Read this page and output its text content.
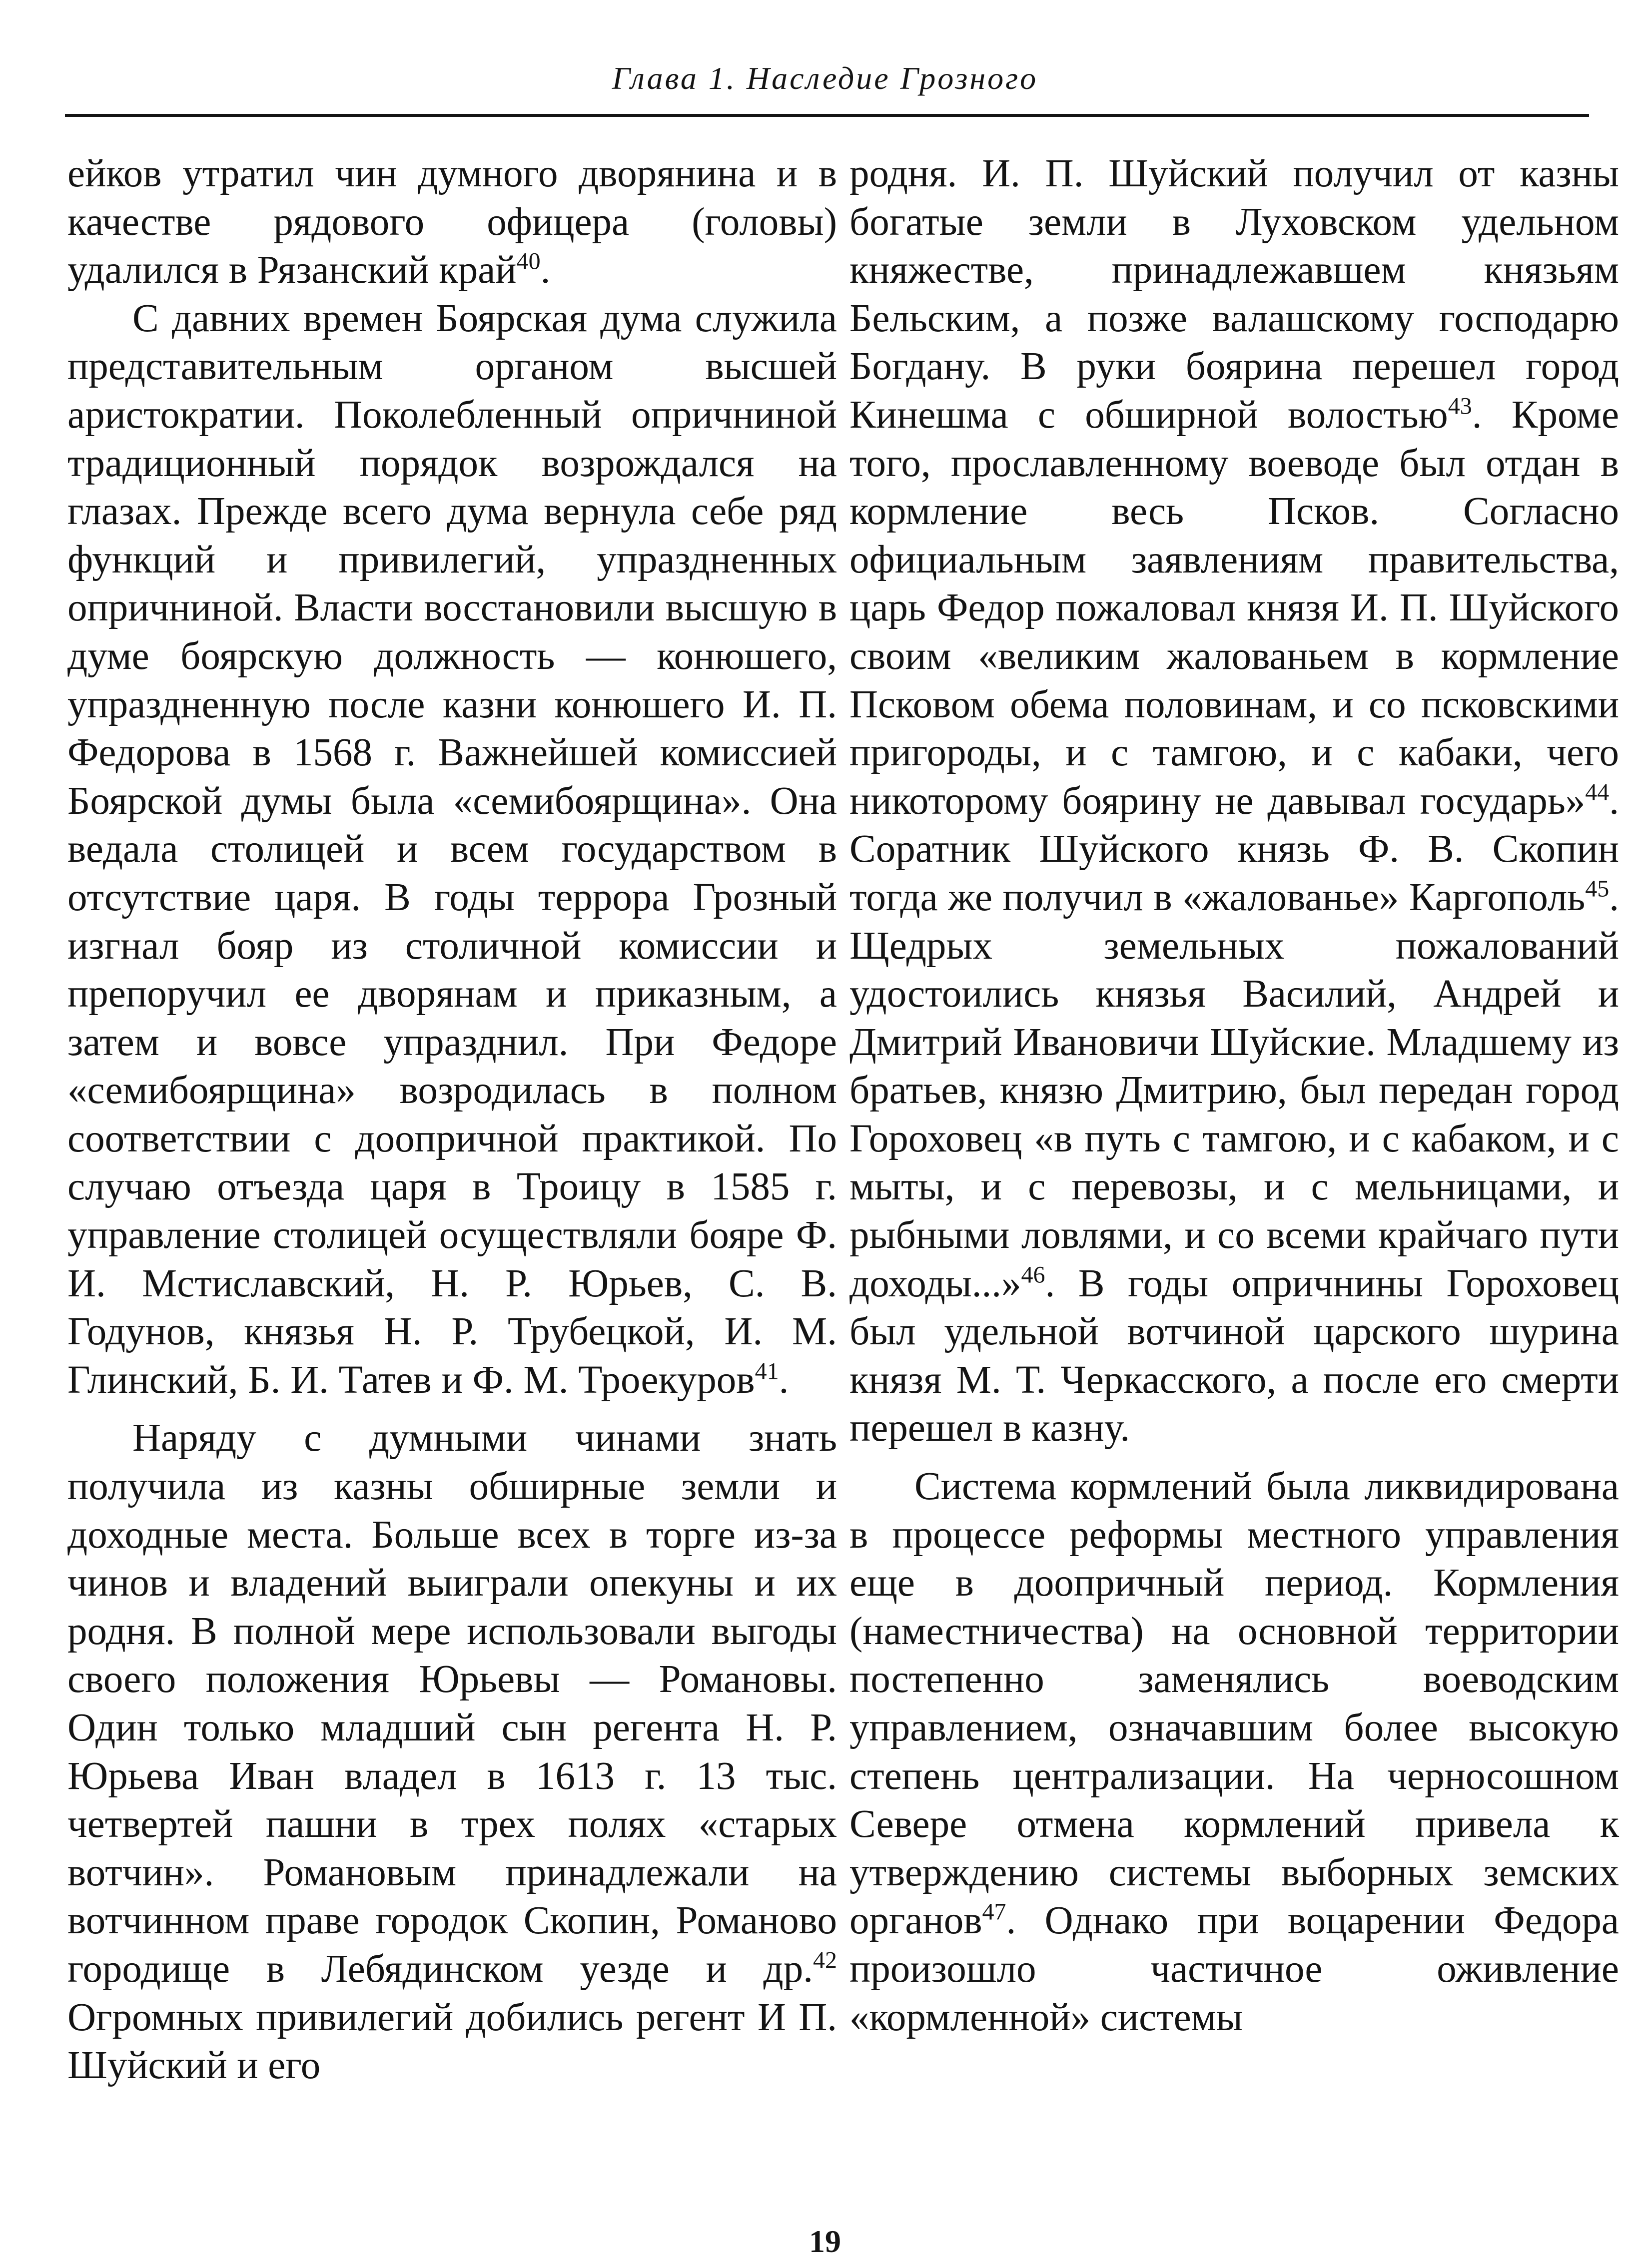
Глава 1. Наследие Грозного

ейков утратил чин думного дворянина и в качестве рядового офицера (головы) удалился в Рязанский край$^{40}$.

С давних времен Боярская дума служила представительным органом высшей аристократии. Поколебленный опричниной традиционный порядок возрождался на глазах. Прежде всего дума вернула себе ряд функций и привилегий, упраздненных опричниной. Власти восстановили высшую в думе боярскую должность — конюшего, упраздненную после казни конюшего И. П. Федорова в 1568 г. Важнейшей комиссией Боярской думы была «семибоярщина». Она ведала столицей и всем государством в отсутствие царя. В годы террора Грозный изгнал бояр из столичной комиссии и препоручил ее дворянам и приказным, а затем и вовсе упразднил. При Федоре «семибоярщина» возродилась в полном соответствии с доопричной практикой. По случаю отъезда царя в Троицу в 1585 г. управление столицей осуществляли бояре Ф. И. Мстиславский, Н. Р. Юрьев, С. В. Годунов, князья Н. Р. Трубецкой, И. М. Глинский, Б. И. Татев и Ф. М. Троекуров$^{41}$.

Наряду с думными чинами знать получила из казны обширные земли и доходные места. Больше всех в торге из-за чинов и владений выиграли опекуны и их родня. В полной мере использовали выгоды своего положения Юрьевы — Романовы. Один только младший сын регента Н. Р. Юрьева Иван владел в 1613 г. 13 тыс. четвертей пашни в трех полях «старых вотчин». Романовым принадлежали на вотчинном праве городок Скопин, Романово городище в Лебядинском уезде и др.$^{42}$ Огромных привилегий добились регент И П. Шуйский и его

родня. И. П. Шуйский получил от казны богатые земли в Луховском удельном княжестве, принадлежавшем князьям Бельским, а позже валашскому господарю Богдану. В руки боярина перешел город Кинешма с обширной волостью$^{43}$. Кроме того, прославленному воеводе был отдан в кормление весь Псков. Согласно официальным заявлениям правительства, царь Федор пожаловал князя И. П. Шуйского своим «великим жалованьем в кормление Псковом обема половинам, и со псковскими пригороды, и с тамгою, и с кабаки, чего никоторому боярину не давывал государь»$^{44}$. Соратник Шуйского князь Ф. В. Скопин тогда же получил в «жалованье» Каргополь$^{45}$. Щедрых земельных пожалований удостоились князья Василий, Андрей и Дмитрий Ивановичи Шуйские. Младшему из братьев, князю Дмитрию, был передан город Гороховец «в путь с тамгою, и с кабаком, и с мыты, и с перевозы, и с мельницами, и рыбными ловлями, и со всеми крайчаго пути доходы...»$^{46}$. В годы опричнины Гороховец был удельной вотчиной царского шурина князя М. Т. Черкасского, а после его смерти перешел в казну.

Система кормлений была ликвидирована в процессе реформы местного управления еще в доопричный период. Кормления (наместничества) на основной территории постепенно заменялись воеводским управлением, означавшим более высокую степень централизации. На черносошном Севере отмена кормлений привела к утверждению системы выборных земских органов$^{47}$. Однако при воцарении Федора произошло частичное оживление «кормленной» системы

19
